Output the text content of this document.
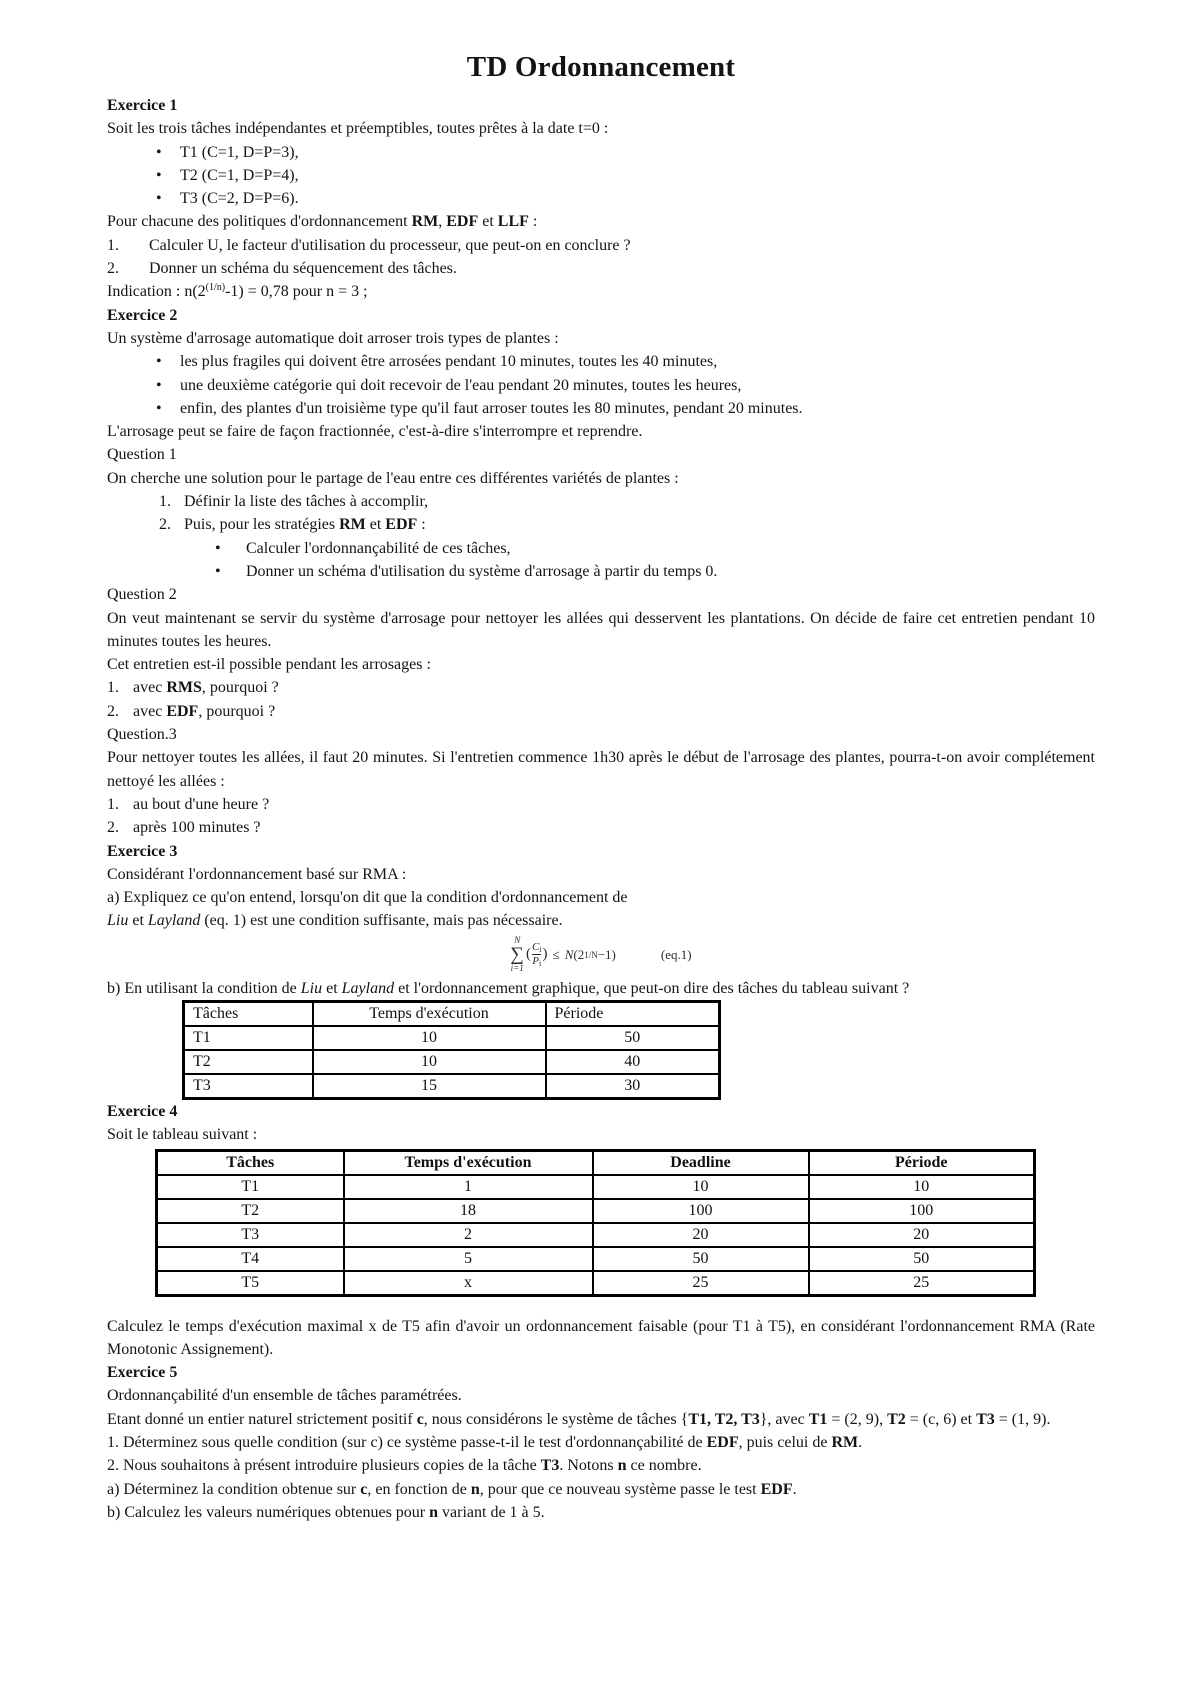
TD Ordonnancement

Exercice 1

Soit les trois tâches indépendantes et préemptibles, toutes prêtes à la date t=0 :

•	T1 (C=1, D=P=3),
•	T2 (C=1, D=P=4),
•	T3 (C=2, D=P=6).

Pour chacune des politiques d'ordonnancement RM, EDF et LLF :

1.	Calculer U, le facteur d'utilisation du processeur, que peut-on en conclure ?
2.	Donner un schéma du séquencement des tâches.

Indication : $n(2^{(1/n)}-1) = 0,78$ pour n = 3 ;

Exercice 2

Un système d'arrosage automatique doit arroser trois types de plantes :

•	les plus fragiles qui doivent être arrosées pendant 10 minutes, toutes les 40 minutes,
•	une deuxième catégorie qui doit recevoir de l'eau pendant 20 minutes, toutes les heures,
•	enfin, des plantes d'un troisième type qu'il faut arroser toutes les 80 minutes, pendant 20 minutes.

L'arrosage peut se faire de façon fractionnée, c'est-à-dire s'interrompre et reprendre.

Question 1

On cherche une solution pour le partage de l'eau entre ces différentes variétés de plantes :

1. Définir la liste des tâches à accomplir,
2. Puis, pour les stratégies RM et EDF :
•	Calculer l'ordonnançabilité de ces tâches,
•	Donner un schéma d'utilisation du système d'arrosage à partir du temps 0.

Question 2

On veut maintenant se servir du système d'arrosage pour nettoyer les allées qui desservent les plantations. On décide de faire cet entretien pendant 10 minutes toutes les heures.

Cet entretien est-il possible pendant les arrosages :

1. avec RMS, pourquoi ?
2. avec EDF, pourquoi ?

Question.3

Pour nettoyer toutes les allées, il faut 20 minutes. Si l'entretien commence 1h30 après le début de l'arrosage des plantes, pourra-t-on avoir complétement nettoyé les allées :

1. au bout d'une heure ?
2. après 100 minutes ?

Exercice 3

Considérant l'ordonnancement basé sur RMA :

a) Expliquez ce qu'on entend, lorsqu'on dit que la condition d'ordonnancement de

Liu et Layland (eq. 1) est une condition suffisante, mais pas nécessaire.

N
∑
i=1
( $\frac{Ci}{Pi}$ ) ≤ N (2 1/N −1)	(eq.1)

b) En utilisant la condition de Liu et Layland et l'ordonnancement graphique, que peut-on dire des tâches du tableau suivant ?

Tâches	Temps d'exécution	Période
T1	10	50
T2	10	40
T3	15	30

Exercice 4

Soit le tableau suivant :

Tâches	Temps d'exécution	Deadline	Période
T1	1	10	10
T2	18	100	100
T3	2	20	20
T4	5	50	50
T5	x	25	25

Calculez le temps d'exécution maximal x de T5 afin d'avoir un ordonnancement faisable (pour T1 à T5), en considérant l'ordonnancement RMA (Rate Monotonic Assignement).

Exercice 5

Ordonnançabilité d'un ensemble de tâches paramétrées.

Etant donné un entier naturel strictement positif c, nous considérons le système de tâches {T1, T2, T3}, avec T1 = (2, 9), T2 = (c, 6) et T3 = (1, 9).

1. Déterminez sous quelle condition (sur c) ce système passe-t-il le test d'ordonnançabilité de EDF, puis celui de RM.

2. Nous souhaitons à présent introduire plusieurs copies de la tâche T3. Notons n ce nombre.

a) Déterminez la condition obtenue sur c, en fonction de n, pour que ce nouveau système passe le test EDF.

b) Calculez les valeurs numériques obtenues pour n variant de 1 à 5.
